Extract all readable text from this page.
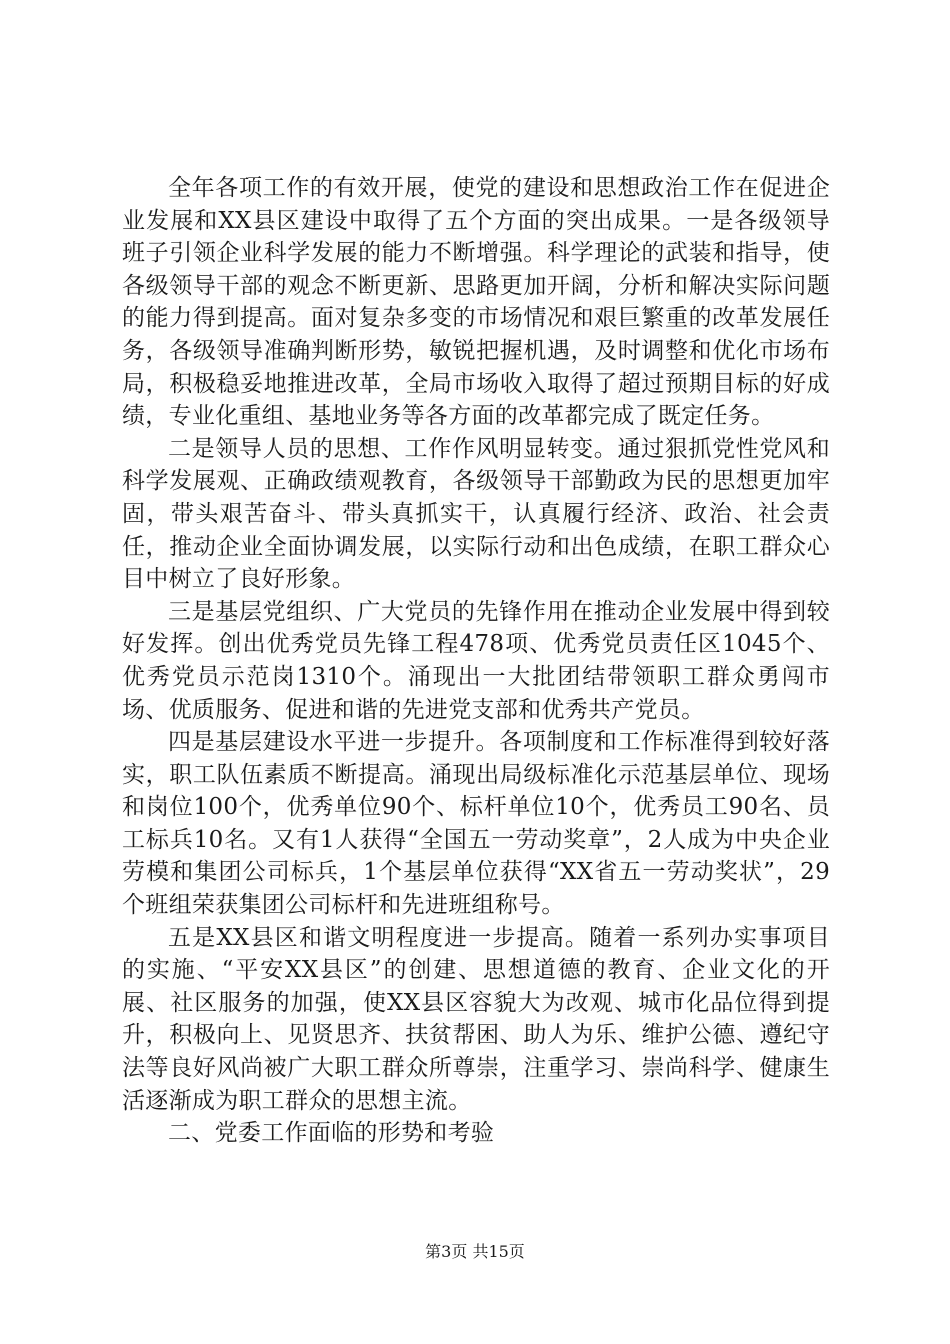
全年各项工作的有效开展，使党的建设和思想政治工作在促进企业发展和XX县区建设中取得了五个方面的突出成果。一是各级领导班子引领企业科学发展的能力不断增强。科学理论的武装和指导，使各级领导干部的观念不断更新、思路更加开阔，分析和解决实际问题的能力得到提高。面对复杂多变的市场情况和艰巨繁重的改革发展任务，各级领导准确判断形势，敏锐把握机遇，及时调整和优化市场布局，积极稳妥地推进改革，全局市场收入取得了超过预期目标的好成绩，专业化重组、基地业务等各方面的改革都完成了既定任务。

二是领导人员的思想、工作作风明显转变。通过狠抓党性党风和科学发展观、正确政绩观教育，各级领导干部勤政为民的思想更加牢固，带头艰苦奋斗、带头真抓实干，认真履行经济、政治、社会责任，推动企业全面协调发展，以实际行动和出色成绩，在职工群众心目中树立了良好形象。

三是基层党组织、广大党员的先锋作用在推动企业发展中得到较好发挥。创出优秀党员先锋工程478项、优秀党员责任区1045个、优秀党员示范岗1310个。涌现出一大批团结带领职工群众勇闯市场、优质服务、促进和谐的先进党支部和优秀共产党员。

四是基层建设水平进一步提升。各项制度和工作标准得到较好落实，职工队伍素质不断提高。涌现出局级标准化示范基层单位、现场和岗位100个，优秀单位90个、标杆单位10个，优秀员工90名、员工标兵10名。又有1人获得“全国五一劳动奖章”，2人成为中央企业劳模和集团公司标兵，1个基层单位获得“XX省五一劳动奖状”，29个班组荣获集团公司标杆和先进班组称号。

五是XX县区和谐文明程度进一步提高。随着一系列办实事项目的实施、“平安XX县区”的创建、思想道德的教育、企业文化的开展、社区服务的加强，使XX县区容貌大为改观、城市化品位得到提升，积极向上、见贤思齐、扶贫帮困、助人为乐、维护公德、遵纪守法等良好风尚被广大职工群众所尊崇，注重学习、崇尚科学、健康生活逐渐成为职工群众的思想主流。

二、党委工作面临的形势和考验

第3页 共15页
